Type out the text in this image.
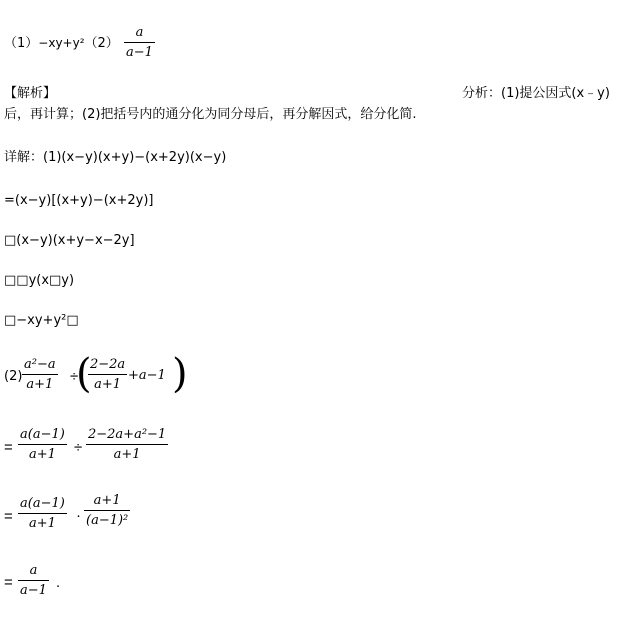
（1）−xy+y²（2）
a
a−1
【解析】	分析：(1)提公因式(x﹣y)
后，再计算；(2)把括号内的通分化为同分母后，再分解因式，给分化简.
详解：(1)(x−y)(x+y)−(x+2y)(x−y)
=(x−y)[(x+y)−(x+2y)]
□(x−y)(x+y−x−2y]
□□y(x□y)
□−xy+y²□
(2)
a²−a
a+1 ÷
(
2−2a
a+1
+a−1 )
=
a(a−1)
a+1 ÷
2−2a+a²−1
a+1
=
a(a−1)
a+1 ·
a+1
(a−1)²
=
a
a−1 .
